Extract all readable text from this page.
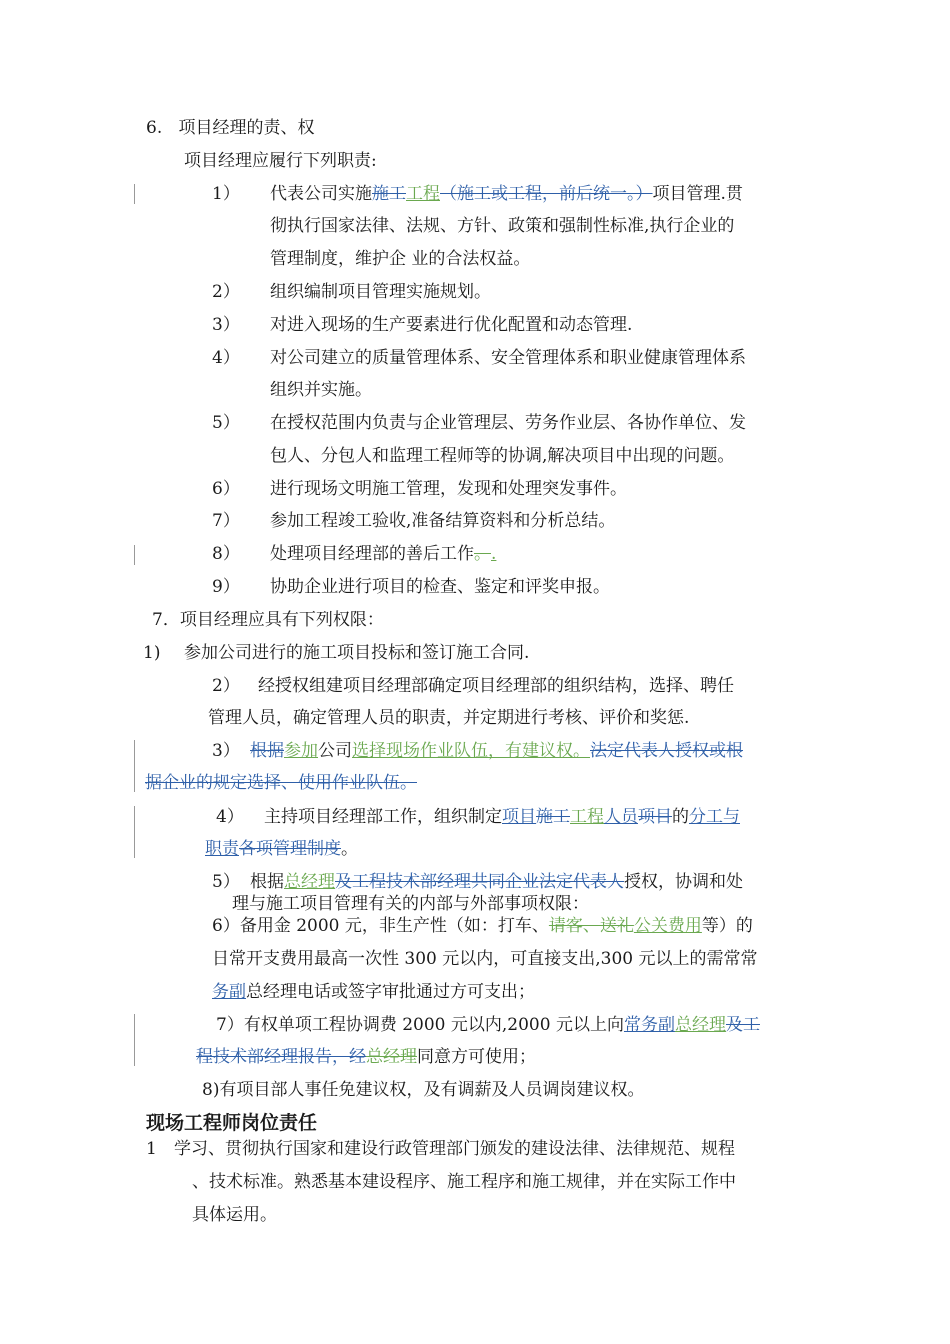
6. 项目经理的责、权
项目经理应履行下列职责:
1） 代表公司实施施工工程（施工或工程，前后统一。）项目管理.贯
彻执行国家法律、法规、方针、政策和强制性标准,执行企业的
管理制度，维护企 业的合法权益。
2） 组织编制项目管理实施规划。
3） 对进入现场的生产要素进行优化配置和动态管理.
4） 对公司建立的质量管理体系、安全管理体系和职业健康管理体系
组织并实施。
5） 在授权范围内负责与企业管理层、劳务作业层、各协作单位、发
包人、分包人和监理工程师等的协调,解决项目中出现的问题。
6） 进行现场文明施工管理，发现和处理突发事件。
7） 参加工程竣工验收,准备结算资料和分析总结。
8） 处理项目经理部的善后工作。.
9） 协助企业进行项目的检查、鉴定和评奖申报。
7．项目经理应具有下列权限：
1) 参加公司进行的施工项目投标和签订施工合同.
2） 经授权组建项目经理部确定项目经理部的组织结构，选择、聘任
管理人员，确定管理人员的职责，并定期进行考核、评价和奖惩.
3） 根据参加公司选择现场作业队伍，有建议权。法定代表人授权或根
据企业的规定选择、使用作业队伍。
4） 主持项目经理部工作，组织制定项目施工工程人员项目的分工与
职责各项管理制度。
5） 根据总经理及工程技术部经理共同企业法定代表人授权，协调和处
理与施工项目管理有关的内部与外部事项权限：
6）备用金 2000 元，非生产性（如：打车、请客、送礼公关费用等）的
日常开支费用最高一次性 300 元以内，可直接支出,300 元以上的需常常
务副总经理电话或签字审批通过方可支出；
7）有权单项工程协调费 2000 元以内,2000 元以上向常务副总经理及工
程技术部经理报告，经总经理同意方可使用；
8)有项目部人事任免建议权，及有调薪及人员调岗建议权。
现场工程师岗位责任
1 学习、贯彻执行国家和建设行政管理部门颁发的建设法律、法律规范、规程
、技术标准。熟悉基本建设程序、施工程序和施工规律，并在实际工作中
具体运用。
